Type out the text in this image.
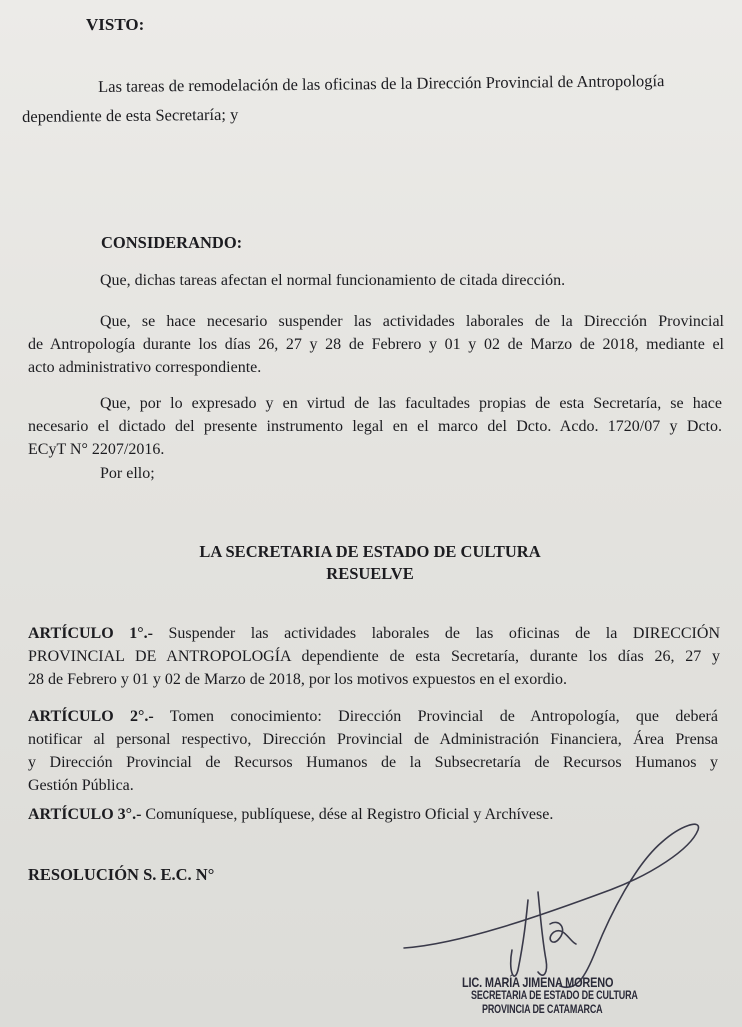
VISTO:
Las tareas de remodelación de las oficinas de la Dirección Provincial de Antropología
dependiente de esta Secretaría; y
CONSIDERANDO:
Que, dichas tareas afectan el normal funcionamiento de citada dirección.
Que, se hace necesario suspender las actividades laborales de la Dirección Provincial
de Antropología durante los días 26, 27 y 28 de Febrero y 01 y 02 de Marzo de 2018, mediante el
acto administrativo correspondiente.
Que, por lo expresado y en virtud de las facultades propias de esta Secretaría, se hace
necesario el dictado del presente instrumento legal en el marco del Dcto. Acdo. 1720/07 y Dcto.
ECyT N° 2207/2016.
Por ello;
LA SECRETARIA DE ESTADO DE CULTURA
RESUELVE
ARTÍCULO 1°.- Suspender las actividades laborales de las oficinas de la DIRECCIÓN
PROVINCIAL DE ANTROPOLOGÍA dependiente de esta Secretaría, durante los días 26, 27 y
28 de Febrero y 01 y 02 de Marzo de 2018, por los motivos expuestos en el exordio.
ARTÍCULO 2°.- Tomen conocimiento: Dirección Provincial de Antropología, que deberá
notificar al personal respectivo, Dirección Provincial de Administración Financiera, Área Prensa
y Dirección Provincial de Recursos Humanos de la Subsecretaría de Recursos Humanos y
Gestión Pública.
ARTÍCULO 3°.- Comuníquese, publíquese, dése al Registro Oficial y Archívese.
RESOLUCIÓN S. E.C. N°
LIC. MARÍA JIMENA MORENO
SECRETARIA DE ESTADO DE CULTURA
PROVINCIA DE CATAMARCA
